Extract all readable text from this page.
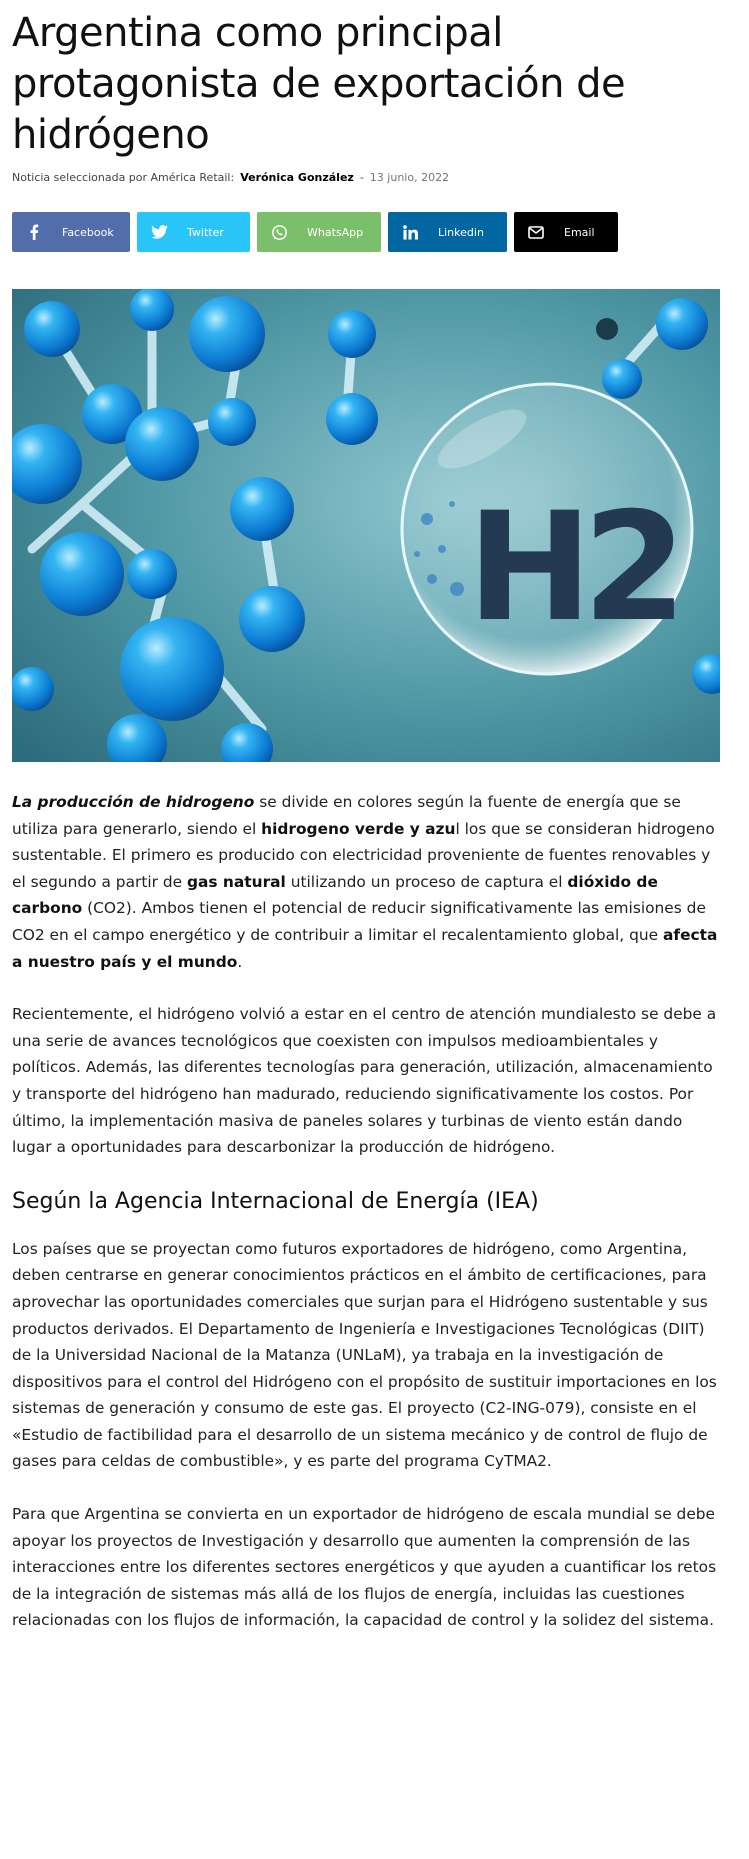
Argentina como principal protagonista de exportación de hidrógeno
Noticia seleccionada por América Retail: Verónica González - 13 junio, 2022
Facebook	Twitter	WhatsApp	Linkedin	Email
H2

La producción de hidrogeno se divide en colores según la fuente de energía que se utiliza para generarlo, siendo el hidrogeno verde y azul los que se consideran hidrogeno sustentable. El primero es producido con electricidad proveniente de fuentes renovables y el segundo a partir de gas natural utilizando un proceso de captura el dióxido de carbono (CO2). Ambos tienen el potencial de reducir significativamente las emisiones de CO2 en el campo energético y de contribuir a limitar el recalentamiento global, que afecta a nuestro país y el mundo.

Recientemente, el hidrógeno volvió a estar en el centro de atención mundialesto se debe a una serie de avances tecnológicos que coexisten con impulsos medioambientales y políticos. Además, las diferentes tecnologías para generación, utilización, almacenamiento y transporte del hidrógeno han madurado, reduciendo significativamente los costos. Por último, la implementación masiva de paneles solares y turbinas de viento están dando lugar a oportunidades para descarbonizar la producción de hidrógeno.

Según la Agencia Internacional de Energía (IEA)

Los países que se proyectan como futuros exportadores de hidrógeno, como Argentina, deben centrarse en generar conocimientos prácticos en el ámbito de certificaciones, para aprovechar las oportunidades comerciales que surjan para el Hidrógeno sustentable y sus productos derivados. El Departamento de Ingeniería e Investigaciones Tecnológicas (DIIT) de la Universidad Nacional de la Matanza (UNLaM), ya trabaja en la investigación de dispositivos para el control del Hidrógeno con el propósito de sustituir importaciones en los sistemas de generación y consumo de este gas. El proyecto (C2-ING-079), consiste en el «Estudio de factibilidad para el desarrollo de un sistema mecánico y de control de flujo de gases para celdas de combustible», y es parte del programa CyTMA2.

Para que Argentina se convierta en un exportador de hidrógeno de escala mundial se debe apoyar los proyectos de Investigación y desarrollo que aumenten la comprensión de las interacciones entre los diferentes sectores energéticos y que ayuden a cuantificar los retos de la integración de sistemas más allá de los flujos de energía, incluidas las cuestiones relacionadas con los flujos de información, la capacidad de control y la solidez del sistema.
